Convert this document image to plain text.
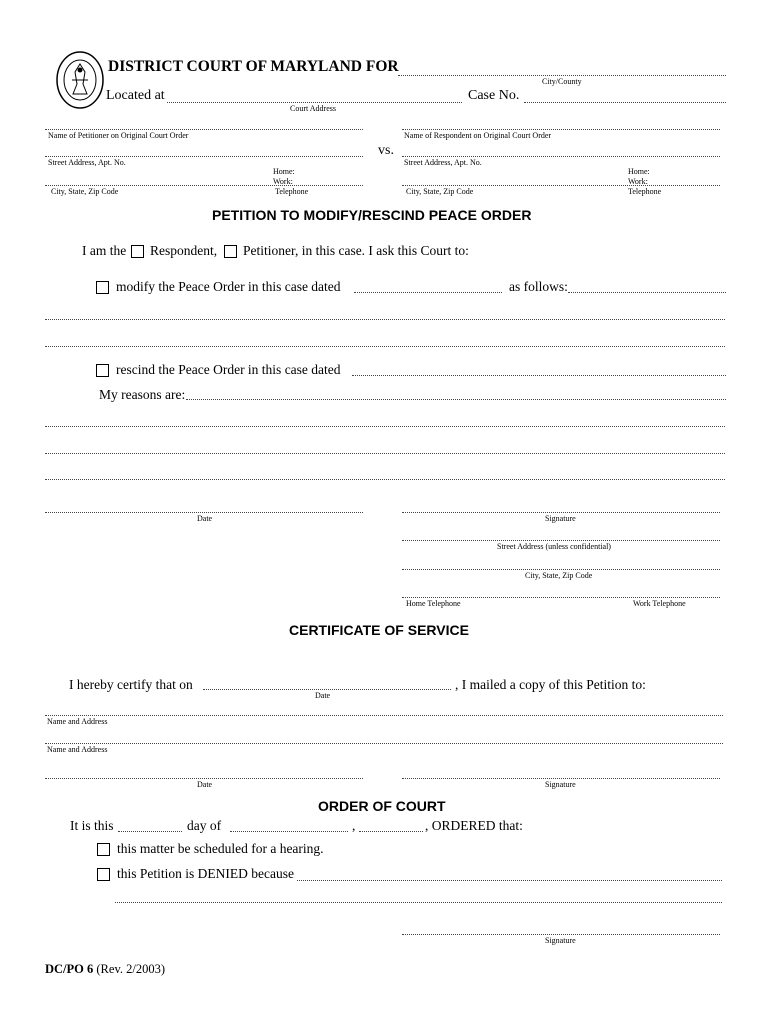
DISTRICT COURT OF MARYLAND FOR
City/County
Located at
Court Address
Case No.
Name of Petitioner on Original Court Order
Street Address, Apt. No.
Home:
Work:
City, State, Zip Code	Telephone
vs.
Name of Respondent on Original Court Order
Street Address, Apt. No.
Home:
Work:
City, State, Zip Code	Telephone
PETITION TO MODIFY/RESCIND PEACE ORDER
I am the Respondent, Petitioner, in this case. I ask this Court to:
modify the Peace Order in this case dated	as follows:
rescind the Peace Order in this case dated
My reasons are:
Date	Signature
Street Address (unless confidential)
City, State, Zip Code
Home Telephone	Work Telephone
CERTIFICATE OF SERVICE
I hereby certify that on
Date
, I mailed a copy of this Petition to:
Name and Address
Name and Address
Date	Signature
ORDER OF COURT
It is this	day of	,	, ORDERED that:
this matter be scheduled for a hearing.
this Petition is DENIED because
Signature
DC/PO 6 (Rev. 2/2003)
